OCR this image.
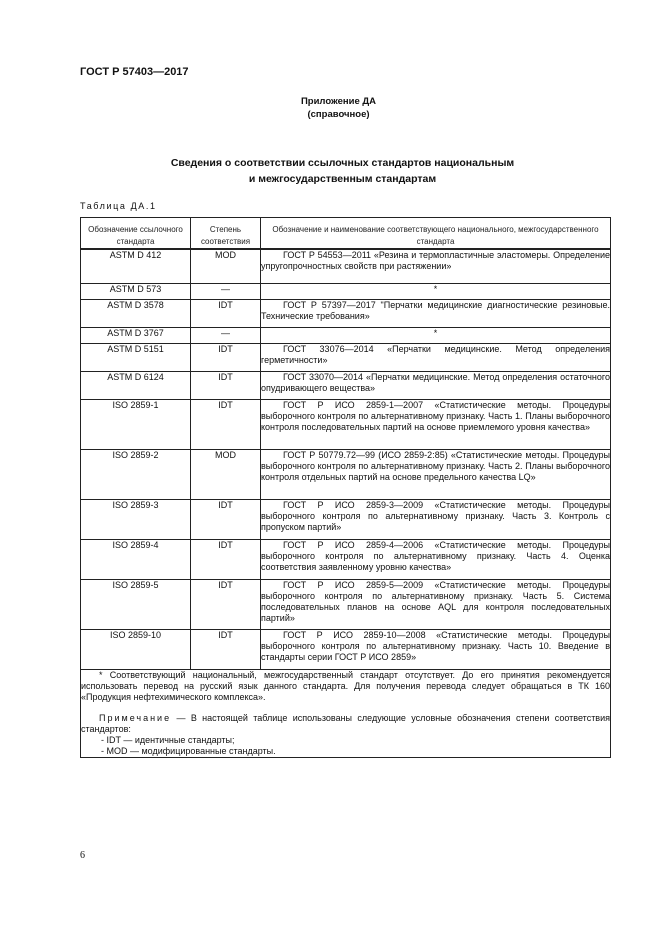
ГОСТ Р 57403—2017
Приложение ДА
(справочное)
Сведения о соответствии ссылочных стандартов национальным
и межгосударственным стандартам
Таблица ДА.1
Обозначение ссылочного стандарта	Степень соответствия	Обозначение и наименование соответствующего национального, межгосударственного стандарта
ASTM D 412	MOD	ГОСТ Р 54553—2011 «Резина и термопластичные эластомеры. Определение упругопрочностных свойств при растяжении»
ASTM D 573	—	*
ASTM D 3578	IDT	ГОСТ Р 57397—2017 "Перчатки медицинские диагностические резиновые. Технические требования»
ASTM D 3767	—	*
ASTM D 5151	IDT	ГОСТ 33076—2014 «Перчатки медицинские. Метод определения герметичности»
ASTM D 6124	IDT	ГОСТ 33070—2014 «Перчатки медицинские. Метод определения остаточного опудривающего вещества»
ISO 2859-1	IDT	ГОСТ Р ИСО 2859-1—2007 «Статистические методы. Процедуры выборочного контроля по альтернативному признаку. Часть 1. Планы выборочного контроля последовательных партий на основе приемлемого уровня качества»
ISO 2859-2	MOD	ГОСТ Р 50779.72—99 (ИСО 2859-2:85) «Статистические методы. Процедуры выборочного контроля по альтернативному признаку. Часть 2. Планы выборочного контроля отдельных партий на основе предельного качества LQ»
ISO 2859-3	IDT	ГОСТ Р ИСО 2859-3—2009 «Статистические методы. Процедуры выборочного контроля по альтернативному признаку. Часть 3. Контроль с пропуском партий»
ISO 2859-4	IDT	ГОСТ Р ИСО 2859-4—2006 «Статистические методы. Процедуры выборочного контроля по альтернативному признаку. Часть 4. Оценка соответствия заявленному уровню качества»
ISO 2859-5	IDT	ГОСТ Р ИСО 2859-5—2009 «Статистические методы. Процедуры выборочного контроля по альтернативному признаку. Часть 5. Система последовательных планов на основе AQL для контроля последовательных партий»
ISO 2859-10	IDT	ГОСТ Р ИСО 2859-10—2008 «Статистические методы. Процедуры выборочного контроля по альтернативному признаку. Часть 10. Введение в стандарты серии ГОСТ Р ИСО 2859»

* Соответствующий национальный, межгосударственный стандарт отсутствует. До его принятия рекомендуется использовать перевод на русский язык данного стандарта. Для получения перевода следует обращаться в ТК 160 «Продукция нефтехимического комплекса».

Примечание — В настоящей таблице использованы следующие условные обозначения степени соответствия стандартов:

- IDT — идентичные стандарты;

- MOD — модифицированные стандарты.		

6
